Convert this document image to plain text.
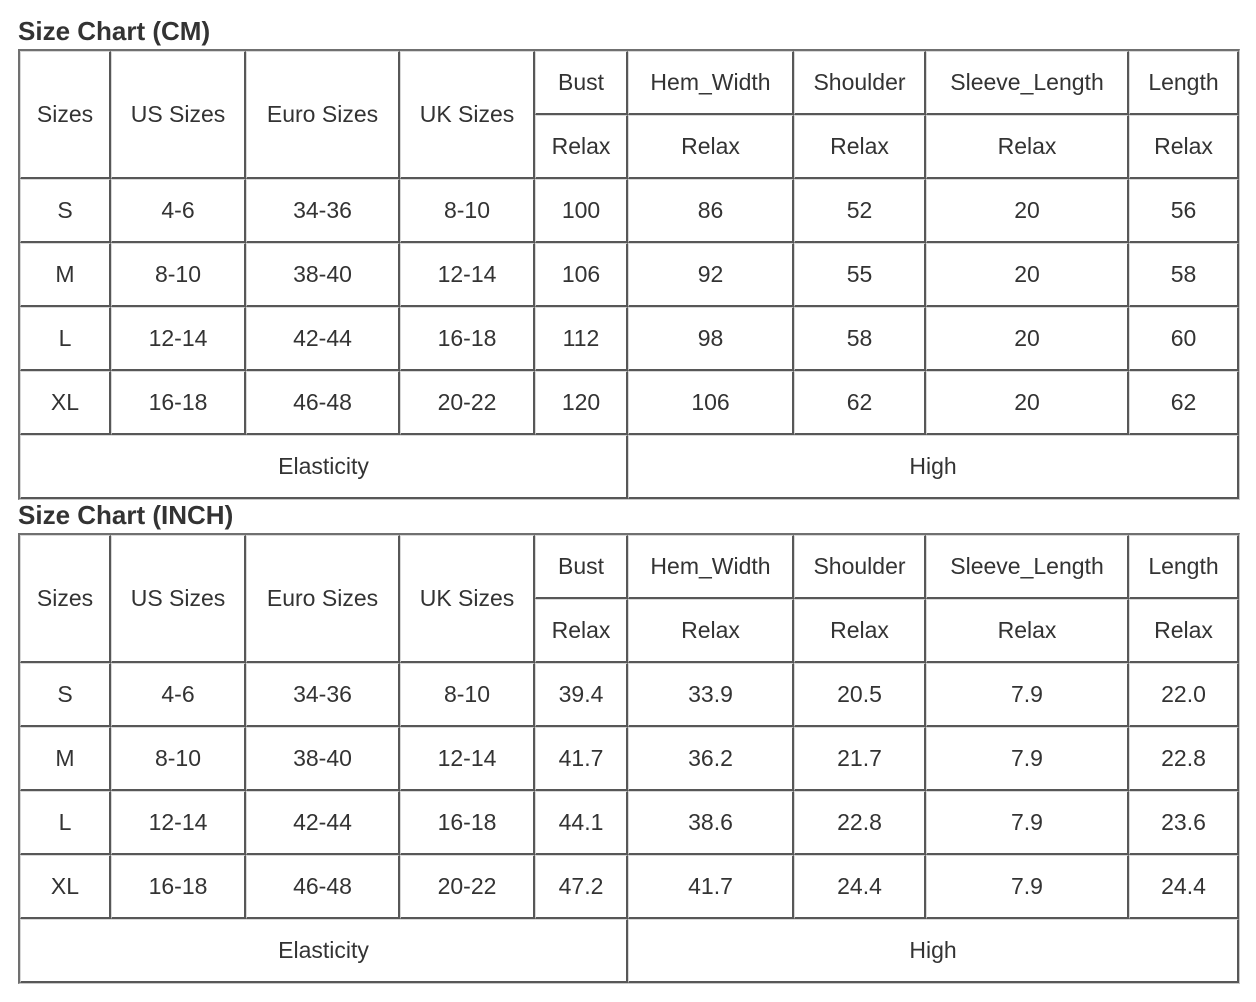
Size Chart (CM)
Sizes	US Sizes	Euro Sizes	UK Sizes	Bust	Hem_Width	Shoulder	Sleeve_Length	Length
				Relax	Relax	Relax	Relax	Relax
S	4-6	34-36	8-10	100	86	52	20	56
M	8-10	38-40	12-14	106	92	55	20	58
L	12-14	42-44	16-18	112	98	58	20	60
XL	16-18	46-48	20-22	120	106	62	20	62
Elasticity					High			
Size Chart (INCH)
Sizes	US Sizes	Euro Sizes	UK Sizes	Bust	Hem_Width	Shoulder	Sleeve_Length	Length
				Relax	Relax	Relax	Relax	Relax
S	4-6	34-36	8-10	39.4	33.9	20.5	7.9	22.0
M	8-10	38-40	12-14	41.7	36.2	21.7	7.9	22.8
L	12-14	42-44	16-18	44.1	38.6	22.8	7.9	23.6
XL	16-18	46-48	20-22	47.2	41.7	24.4	7.9	24.4
Elasticity					High			
